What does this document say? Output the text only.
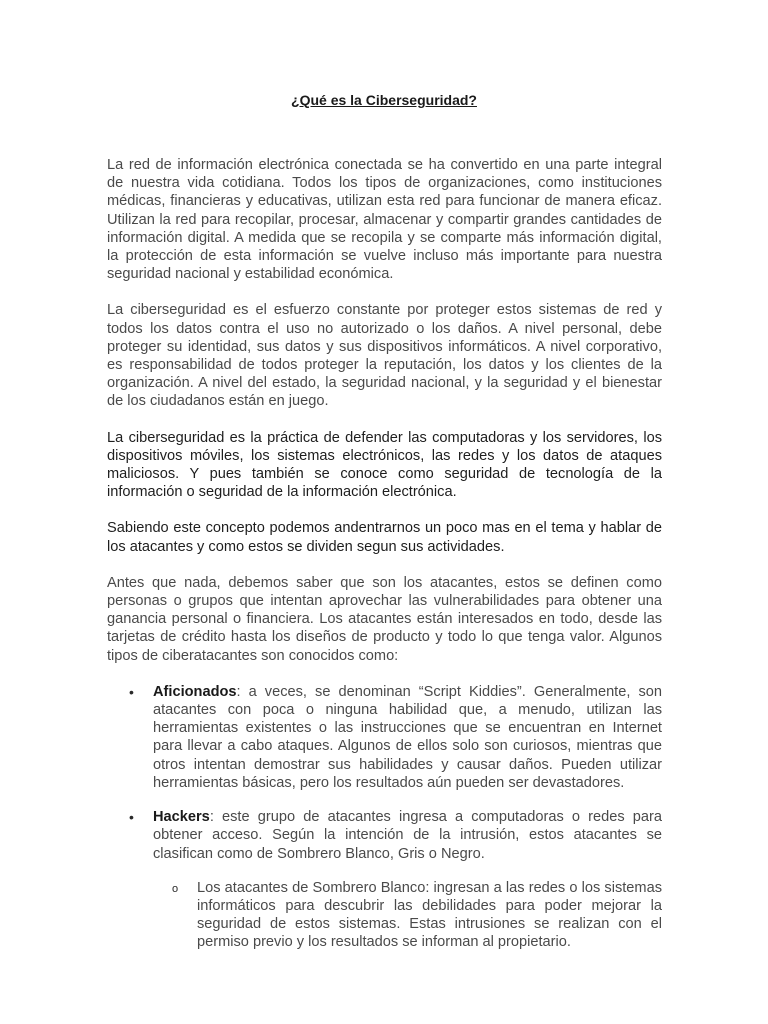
¿Qué es la Ciberseguridad?

La red de información electrónica conectada se ha convertido en una parte integral de nuestra vida cotidiana. Todos los tipos de organizaciones, como instituciones médicas, financieras y educativas, utilizan esta red para funcionar de manera eficaz. Utilizan la red para recopilar, procesar, almacenar y compartir grandes cantidades de información digital. A medida que se recopila y se comparte más información digital, la protección de esta información se vuelve incluso más importante para nuestra seguridad nacional y estabilidad económica.

La ciberseguridad es el esfuerzo constante por proteger estos sistemas de red y todos los datos contra el uso no autorizado o los daños. A nivel personal, debe proteger su identidad, sus datos y sus dispositivos informáticos. A nivel corporativo, es responsabilidad de todos proteger la reputación, los datos y los clientes de la organización. A nivel del estado, la seguridad nacional, y la seguridad y el bienestar de los ciudadanos están en juego.

La ciberseguridad es la práctica de defender las computadoras y los servidores, los dispositivos móviles, los sistemas electrónicos, las redes y los datos de ataques maliciosos. Y pues también se conoce como seguridad de tecnología de la información o seguridad de la información electrónica.

Sabiendo este concepto podemos andentrarnos un poco mas en el tema y hablar de los atacantes y como estos se dividen segun sus actividades.

Antes que nada, debemos saber que son los atacantes, estos se definen como personas o grupos que intentan aprovechar las vulnerabilidades para obtener una ganancia personal o financiera. Los atacantes están interesados en todo, desde las tarjetas de crédito hasta los diseños de producto y todo lo que tenga valor. Algunos tipos de ciberatacantes son conocidos como:

• Aficionados: a veces, se denominan “Script Kiddies”. Generalmente, son atacantes con poca o ninguna habilidad que, a menudo, utilizan las herramientas existentes o las instrucciones que se encuentran en Internet para llevar a cabo ataques. Algunos de ellos solo son curiosos, mientras que otros intentan demostrar sus habilidades y causar daños. Pueden utilizar herramientas básicas, pero los resultados aún pueden ser devastadores.
• Hackers: este grupo de atacantes ingresa a computadoras o redes para obtener acceso. Según la intención de la intrusión, estos atacantes se clasifican como de Sombrero Blanco, Gris o Negro.
o Los atacantes de Sombrero Blanco: ingresan a las redes o los sistemas informáticos para descubrir las debilidades para poder mejorar la seguridad de estos sistemas. Estas intrusiones se realizan con el permiso previo y los resultados se informan al propietario.
